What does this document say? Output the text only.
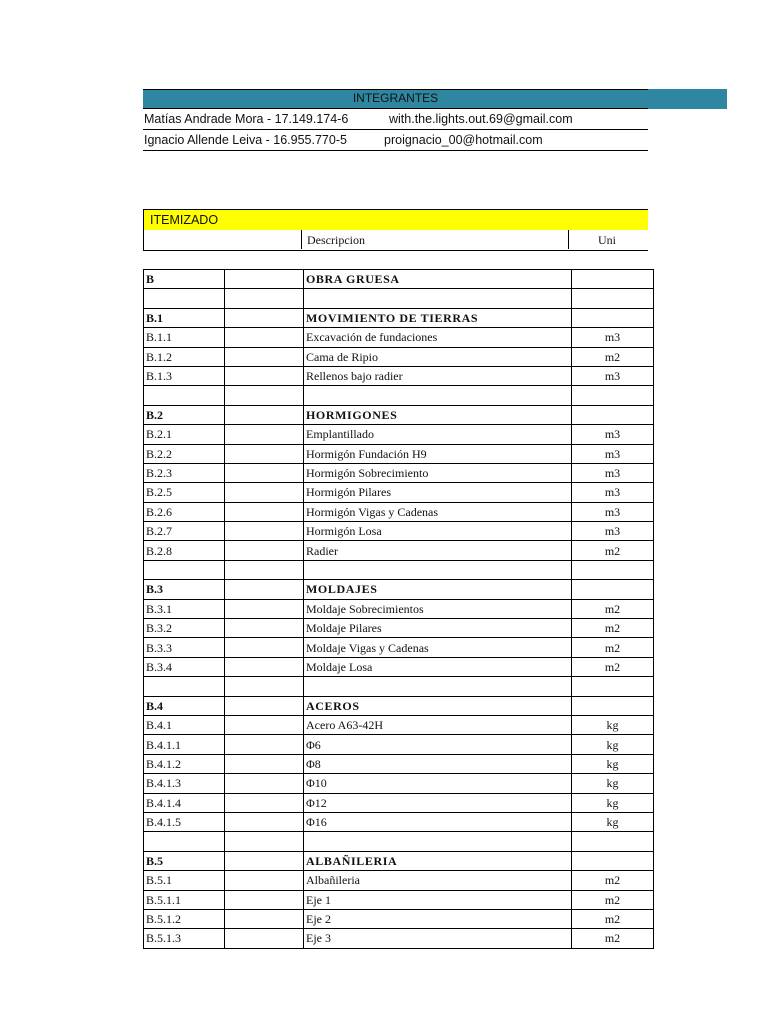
INTEGRANTES
Matías Andrade Mora - 17.149.174-6	with.the.lights.out.69@gmail.com
Ignacio Allende Leiva - 16.955.770-5	proignacio_00@hotmail.com
ITEMIZADO
Descripcion	Uni
B		OBRA GRUESA	

B.1		MOVIMIENTO DE TIERRAS	
B.1.1		Excavación de fundaciones	m3
B.1.2		Cama de Ripio	m2
B.1.3		Rellenos bajo radier	m3

B.2		HORMIGONES	
B.2.1		Emplantillado	m3
B.2.2		Hormigón Fundación H9	m3
B.2.3		Hormigón Sobrecimiento	m3
B.2.5		Hormigón Pilares	m3
B.2.6		Hormigón Vigas y Cadenas	m3
B.2.7		Hormigón Losa	m3
B.2.8		Radier	m2

B.3		MOLDAJES	
B.3.1		Moldaje Sobrecimientos	m2
B.3.2		Moldaje Pilares	m2
B.3.3		Moldaje Vigas y Cadenas	m2
B.3.4		Moldaje Losa	m2

B.4		ACEROS	
B.4.1		Acero A63-42H	kg
B.4.1.1		Φ6	kg
B.4.1.2		Φ8	kg
B.4.1.3		Φ10	kg
B.4.1.4		Φ12	kg
B.4.1.5		Φ16	kg

B.5		ALBAÑILERIA	
B.5.1		Albañileria	m2
B.5.1.1		Eje 1	m2
B.5.1.2		Eje 2	m2
B.5.1.3		Eje 3	m2
